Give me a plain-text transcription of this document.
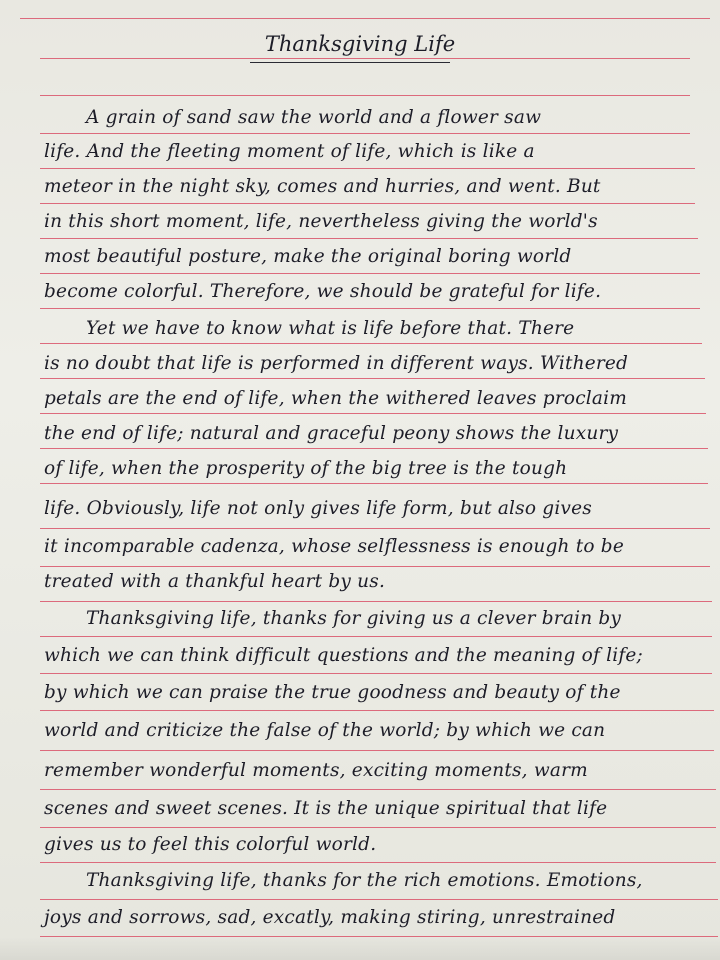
Thanksgiving Life
A grain of sand saw the world and a flower saw
life. And the fleeting moment of life, which is like a
meteor in the night sky, comes and hurries, and went. But
in this short moment, life, nevertheless giving the world's
most beautiful posture, make the original boring world
become colorful. Therefore, we should be grateful for life.
Yet we have to know what is life before that. There
is no doubt that life is performed in different ways. Withered
petals are the end of life, when the withered leaves proclaim
the end of life; natural and graceful peony shows the luxury
of life, when the prosperity of the big tree is the tough
life. Obviously, life not only gives life form, but also gives
it incomparable cadenza, whose selflessness is enough to be
treated with a thankful heart by us.
Thanksgiving life, thanks for giving us a clever brain by
which we can think difficult questions and the meaning of life;
by which we can praise the true goodness and beauty of the
world and criticize the false of the world; by which we can
remember wonderful moments, exciting moments, warm
scenes and sweet scenes. It is the unique spiritual that life
gives us to feel this colorful world.
Thanksgiving life, thanks for the rich emotions. Emotions,
joys and sorrows, sad, excatly, making stiring, unrestrained
